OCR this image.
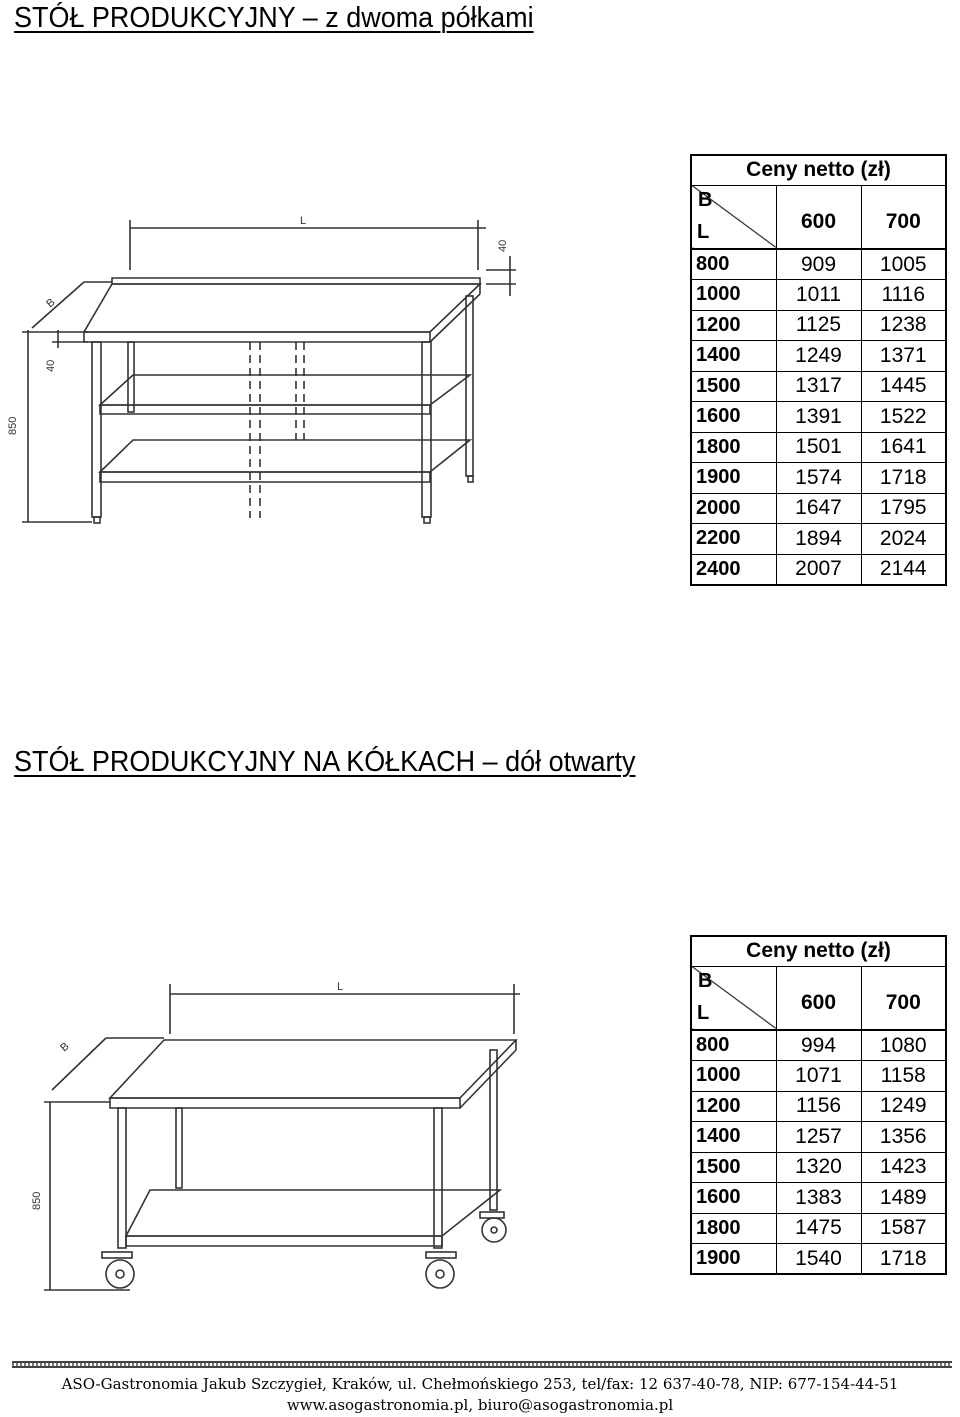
STÓŁ PRODUKCYJNY – z dwoma półkami
L
850
40
B
40
Ceny netto (zł)		

B
L	600	700
800	909	1005
1000	1011	1116
1200	1125	1238
1400	1249	1371
1500	1317	1445
1600	1391	1522
1800	1501	1641
1900	1574	1718
2000	1647	1795
2200	1894	2024
2400	2007	2144
STÓŁ PRODUKCYJNY NA KÓŁKACH – dół otwarty
L
850
B
Ceny netto (zł)		

B
L	600	700
800	994	1080
1000	1071	1158
1200	1156	1249
1400	1257	1356
1500	1320	1423
1600	1383	1489
1800	1475	1587
1900	1540	1718
ASO-Gastronomia Jakub Szczygieł, Kraków, ul. Chełmońskiego 253, tel/fax: 12 637-40-78, NIP: 677-154-44-51
www.asogastronomia.pl, biuro@asogastronomia.pl
